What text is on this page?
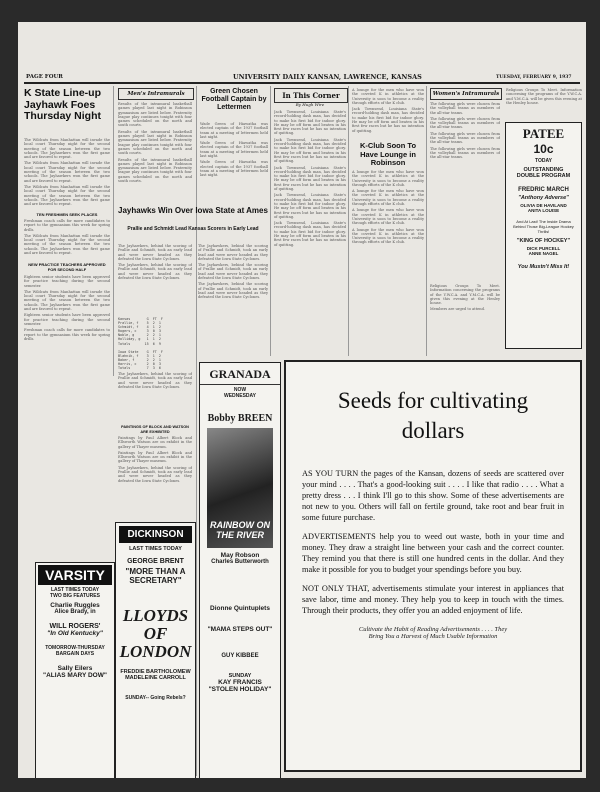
PAGE FOUR	UNIVERSITY DAILY KANSAN, LAWRENCE, KANSAS	TUESDAY, FEBRUARY 9, 1937
K State Line-up Jayhawk Foes Thursday Night

The Wildcats from Manhattan will invade the local court Thursday night for the second meeting of the season between the two schools. The Jayhawkers won the first game and are favored to repeat.

The Wildcats from Manhattan will invade the local court Thursday night for the second meeting of the season between the two schools. The Jayhawkers won the first game and are favored to repeat.

The Wildcats from Manhattan will invade the local court Thursday night for the second meeting of the season between the two schools. The Jayhawkers won the first game and are favored to repeat.

TEN FRESHMEN SEEK PLACES

Freshman coach calls for more candidates to report to the gymnasium this week for spring drills.

The Wildcats from Manhattan will invade the local court Thursday night for the second meeting of the season between the two schools. The Jayhawkers won the first game and are favored to repeat.

NEW PRACTICE TEACHERS APPROVED FOR SECOND HALF

Eighteen senior students have been approved for practice teaching during the second semester.

The Wildcats from Manhattan will invade the local court Thursday night for the second meeting of the season between the two schools. The Jayhawkers won the first game and are favored to repeat.

Eighteen senior students have been approved for practice teaching during the second semester.

Freshman coach calls for more candidates to report to the gymnasium this week for spring drills.

Men's Intramurals

Results of the intramural basketball games played last night in Robinson gymnasium are listed below. Fraternity league play continues tonight with four games scheduled on the north and south courts.

Results of the intramural basketball games played last night in Robinson gymnasium are listed below. Fraternity league play continues tonight with four games scheduled on the north and south courts.

Results of the intramural basketball games played last night in Robinson gymnasium are listed below. Fraternity league play continues tonight with four games scheduled on the north and south courts.

Jayhawks Win Over Iowa State at Ames
Prallie and Schmidt Lead Kansas Scorers in Early Lead

The Jayhawkers, behind the scoring of Prallie and Schmidt, took an early lead and were never headed as they defeated the Iowa State Cyclones.

The Jayhawkers, behind the scoring of Prallie and Schmidt, took an early lead and were never headed as they defeated the Iowa State Cyclones.

Kansas        G  FT  F
Prallie, f    5  2  1
Schmidt, f    4  1  2
Rogers, c     3  0  3
Noble, g      2  2  1
Holliday, g   1  1  2
Totals       15  6  9

Iowa State    G  FT  F
Blahnik, f    3  1  2
Baker, f      2  2  1
Harris, c     2  0  3
Totals        7  3  6

The Jayhawkers, behind the scoring of Prallie and Schmidt, took an early lead and were never headed as they defeated the Iowa State Cyclones.

PAINTINGS OF BLOCK AND WATSON ARE EXHIBITED

Paintings by Paul Albert Block and Ellsworth Watson are on exhibit in the gallery of Thayer museum.

Paintings by Paul Albert Block and Ellsworth Watson are on exhibit in the gallery of Thayer museum.

The Jayhawkers, behind the scoring of Prallie and Schmidt, took an early lead and were never headed as they defeated the Iowa State Cyclones.

Green Chosen Football Captain by Lettermen

Wade Green of Hiawatha was elected captain of the 1937 football team at a meeting of lettermen held last night.

Wade Green of Hiawatha was elected captain of the 1937 football team at a meeting of lettermen held last night.

Wade Green of Hiawatha was elected captain of the 1937 football team at a meeting of lettermen held last night.

The Jayhawkers, behind the scoring of Prallie and Schmidt, took an early lead and were never headed as they defeated the Iowa State Cyclones.

The Jayhawkers, behind the scoring of Prallie and Schmidt, took an early lead and were never headed as they defeated the Iowa State Cyclones.

The Jayhawkers, behind the scoring of Prallie and Schmidt, took an early lead and were never headed as they defeated the Iowa State Cyclones.

In This Corner
By Hugh Wire

Jack Townsend, Louisiana State's record-holding dash man, has decided to make his first bid for indoor glory. He may be off form and beaten in his first few races but he has no intention of quitting.

Jack Townsend, Louisiana State's record-holding dash man, has decided to make his first bid for indoor glory. He may be off form and beaten in his first few races but he has no intention of quitting.

Jack Townsend, Louisiana State's record-holding dash man, has decided to make his first bid for indoor glory. He may be off form and beaten in his first few races but he has no intention of quitting.

Jack Townsend, Louisiana State's record-holding dash man, has decided to make his first bid for indoor glory. He may be off form and beaten in his first few races but he has no intention of quitting.

Jack Townsend, Louisiana State's record-holding dash man, has decided to make his first bid for indoor glory. He may be off form and beaten in his first few races but he has no intention of quitting.

A lounge for the men who have won the coveted K in athletics at the University is soon to become a reality through efforts of the K club.

Jack Townsend, Louisiana State's record-holding dash man, has decided to make his first bid for indoor glory. He may be off form and beaten in his first few races but he has no intention of quitting.

K-Club Soon To Have Lounge in Robinson

A lounge for the men who have won the coveted K in athletics at the University is soon to become a reality through efforts of the K club.

A lounge for the men who have won the coveted K in athletics at the University is soon to become a reality through efforts of the K club.

A lounge for the men who have won the coveted K in athletics at the University is soon to become a reality through efforts of the K club.

A lounge for the men who have won the coveted K in athletics at the University is soon to become a reality through efforts of the K club.

Women's Intramurals

The following girls were chosen from the volleyball teams as members of the all-star teams.

The following girls were chosen from the volleyball teams as members of the all-star teams.

The following girls were chosen from the volleyball teams as members of the all-star teams.

The following girls were chosen from the volleyball teams as members of the all-star teams.

Religious Groups To Meet. Information concerning the programs of the Y.W.C.A. and Y.M.C.A. will be given this evening at the Henley house.

Members are urged to attend.

Religious Groups To Meet. Information concerning the programs of the Y.W.C.A. and Y.M.C.A. will be given this evening at the Henley house.

PATEE
10c
TODAY
OUTSTANDING
DOUBLE PROGRAM
FREDRIC MARCH
"Anthony Adverse"
OLIVIA DE HAVILAND
ANITA LOUISE
And At Last! The Inside Drama Behind Those Big-League Hockey Thrills!
"KING OF HOCKEY"
DICK PURCELL
ANNE NAGEL
You Mustn't Miss It!
VARSITY
LAST TIMES TODAY
TWO BIG FEATURES
Charlie Ruggles
Alice Brady, in
WILL ROGERS'
"In Old Kentucky"
TOMORROW-THURSDAY BARGAIN DAYS
Sally Eilers
"ALIAS MARY DOW"
DICKINSON
LAST TIMES TODAY
GEORGE BRENT
"MORE THAN A SECRETARY"
LLOYDS OF LONDON
FREDDIE BARTHOLOMEW
MADELEINE CARROLL
SUNDAY-- Going Rebels?
GRANADA
NOW
WEDNESDAY
Bobby BREEN
RAINBOW ON THE RIVER
May Robson
Charles Butterworth
Dionne Quintuplets
"MAMA STEPS OUT"
GUY KIBBEE
SUNDAY
KAY FRANCIS
"STOLEN HOLIDAY"
Seeds for cultivating
dollars

AS YOU TURN the pages of the Kansan, dozens of seeds are scattered over your mind . . . . That's a good-looking suit . . . . I like that radio . . . . What a pretty dress . . . I think I'll go to this show. Some of these advertisements are not new to you. Others will fall on fertile ground, take root and bear fruit in some future purchase.

ADVERTISEMENTS help you to weed out waste, both in your time and money. They draw a straight line between your cash and the correct counter. They remind you that there is still one hundred cents in the dollar. And they make it possible for you to budget your spendings before you buy.

NOT ONLY THAT, advertisements stimulate your interest in appliances that save labor, time and money. They help you to keep in touch with the times. Through their products, they offer you an added enjoyment of life.

Cultivate the Habit of Reading Advertisements . . . . They
Bring You a Harvest of Much Usable Information
